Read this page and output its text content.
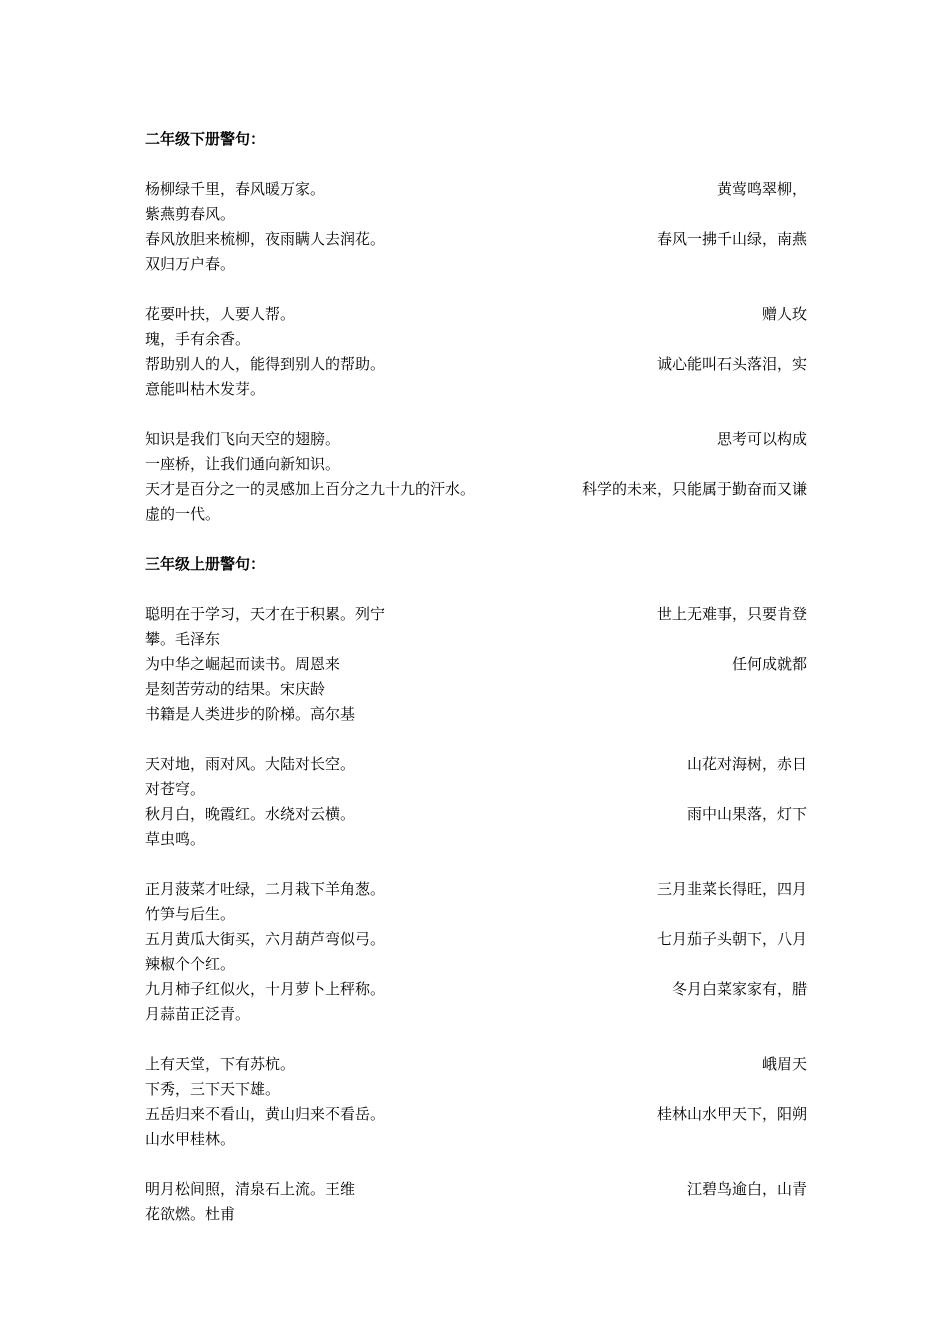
二年级下册警句：
杨柳绿千里，春风暖万家。	黄莺鸣翠柳，
紫燕剪春风。
春风放胆来梳柳，夜雨瞒人去润花。	春风一拂千山绿，南燕
双归万户春。
花要叶扶，人要人帮。	赠人玫
瑰，手有余香。
帮助别人的人，能得到别人的帮助。	诚心能叫石头落泪，实
意能叫枯木发芽。
知识是我们飞向天空的翅膀。	思考可以构成
一座桥，让我们通向新知识。
天才是百分之一的灵感加上百分之九十九的汗水。	科学的未来，只能属于勤奋而又谦
虚的一代。
三年级上册警句：
聪明在于学习，天才在于积累。列宁	世上无难事，只要肯登
攀。毛泽东
为中华之崛起而读书。周恩来	任何成就都
是刻苦劳动的结果。宋庆龄
书籍是人类进步的阶梯。高尔基
天对地，雨对风。大陆对长空。	山花对海树，赤日
对苍穹。
秋月白，晚霞红。水绕对云横。	雨中山果落，灯下
草虫鸣。
正月菠菜才吐绿，二月栽下羊角葱。	三月韭菜长得旺，四月
竹笋与后生。
五月黄瓜大街买，六月葫芦弯似弓。	七月茄子头朝下，八月
辣椒个个红。
九月柿子红似火，十月萝卜上秤称。	冬月白菜家家有，腊
月蒜苗正泛青。
上有天堂，下有苏杭。	峨眉天
下秀，三下天下雄。
五岳归来不看山，黄山归来不看岳。	桂林山水甲天下，阳朔
山水甲桂林。
明月松间照，清泉石上流。王维	江碧鸟逾白，山青
花欲燃。杜甫
